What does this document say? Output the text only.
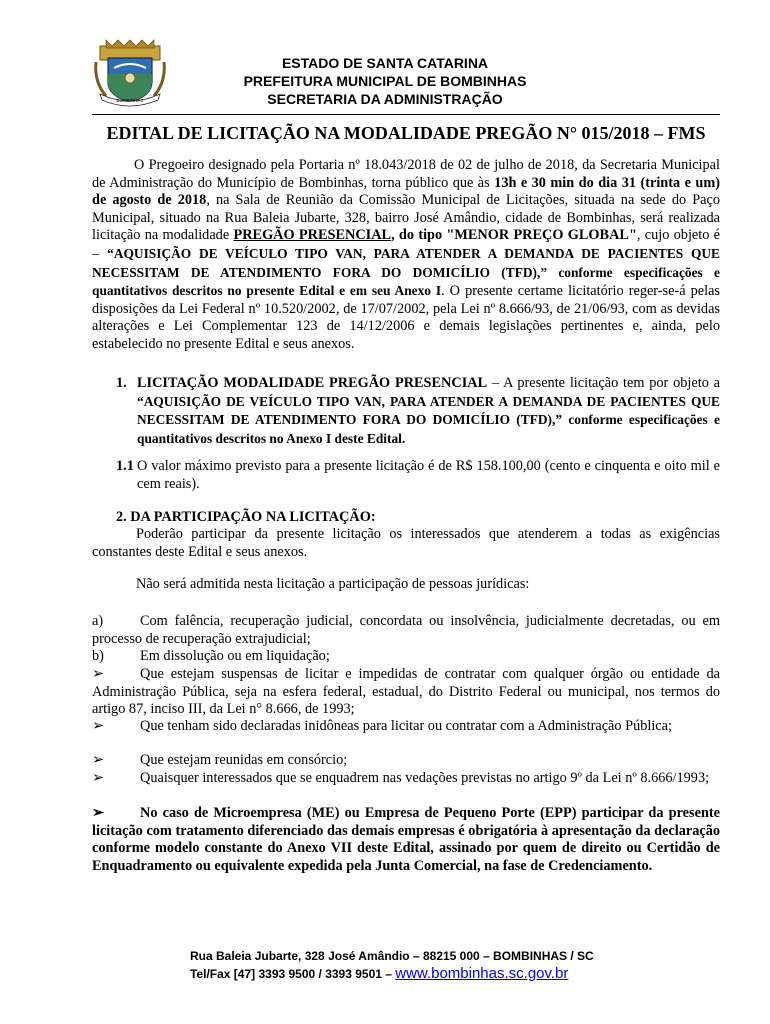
BOMBINHAS
ESTADO DE SANTA CATARINA
PREFEITURA MUNICIPAL DE BOMBINHAS
SECRETARIA DA ADMINISTRAÇÃO
EDITAL DE LICITAÇÃO NA MODALIDADE PREGÃO N° 015/2018 – FMS
O Pregoeiro designado pela Portaria nº 18.043/2018 de 02 de julho de 2018, da Secretaria Municipal de Administração do Município de Bombinhas, torna público que às 13h e 30 min do dia 31 (trinta e um) de agosto de 2018, na Sala de Reunião da Comissão Municipal de Licitações, situada na sede do Paço Municipal, situado na Rua Baleia Jubarte, 328, bairro José Amândio, cidade de Bombinhas, será realizada licitação na modalidade PREGÃO PRESENCIAL, do tipo "MENOR PREÇO GLOBAL", cujo objeto é – “AQUISIÇÃO DE VEÍCULO TIPO VAN, PARA ATENDER A DEMANDA DE PACIENTES QUE NECESSITAM DE ATENDIMENTO FORA DO DOMICÍLIO (TFD),” conforme especificações e quantitativos descritos no presente Edital e em seu Anexo I. O presente certame licitatório reger-se-á pelas disposições da Lei Federal nº 10.520/2002, de 17/07/2002, pela Lei nº 8.666/93, de 21/06/93, com as devidas alterações e Lei Complementar 123 de 14/12/2006 e demais legislações pertinentes e, ainda, pelo estabelecido no presente Edital e seus anexos.
1. LICITAÇÃO MODALIDADE PREGÃO PRESENCIAL – A presente licitação tem por objeto a “AQUISIÇÃO DE VEÍCULO TIPO VAN, PARA ATENDER A DEMANDA DE PACIENTES QUE NECESSITAM DE ATENDIMENTO FORA DO DOMICÍLIO (TFD),” conforme especificações e quantitativos descritos no Anexo I deste Edital.
1.1 O valor máximo previsto para a presente licitação é de R$ 158.100,00 (cento e cinquenta e oito mil e cem reais).
2. DA PARTICIPAÇÃO NA LICITAÇÃO:
Poderão participar da presente licitação os interessados que atenderem a todas as exigências constantes deste Edital e seus anexos.
Não será admitida nesta licitação a participação de pessoas jurídicas:
a)	Com falência, recuperação judicial, concordata ou insolvência, judicialmente decretadas, ou em processo de recuperação extrajudicial;
b)	Em dissolução ou em liquidação;
➢	Que estejam suspensas de licitar e impedidas de contratar com qualquer órgão ou entidade da Administração Pública, seja na esfera federal, estadual, do Distrito Federal ou municipal, nos termos do artigo 87, inciso III, da Lei n° 8.666, de 1993;
➢	Que tenham sido declaradas inidôneas para licitar ou contratar com a Administração Pública;
➢	Que estejam reunidas em consórcio;
➢	Quaisquer interessados que se enquadrem nas vedações previstas no artigo 9º da Lei nº 8.666/1993;
➢	No caso de Microempresa (ME) ou Empresa de Pequeno Porte (EPP) participar da presente licitação com tratamento diferenciado das demais empresas é obrigatória à apresentação da declaração conforme modelo constante do Anexo VII deste Edital, assinado por quem de direito ou Certidão de Enquadramento ou equivalente expedida pela Junta Comercial, na fase de Credenciamento.
Rua Baleia Jubarte, 328 José Amândio – 88215 000 – BOMBINHAS / SC
Tel/Fax [47] 3393 9500 / 3393 9501 – www.bombinhas.sc.gov.br
